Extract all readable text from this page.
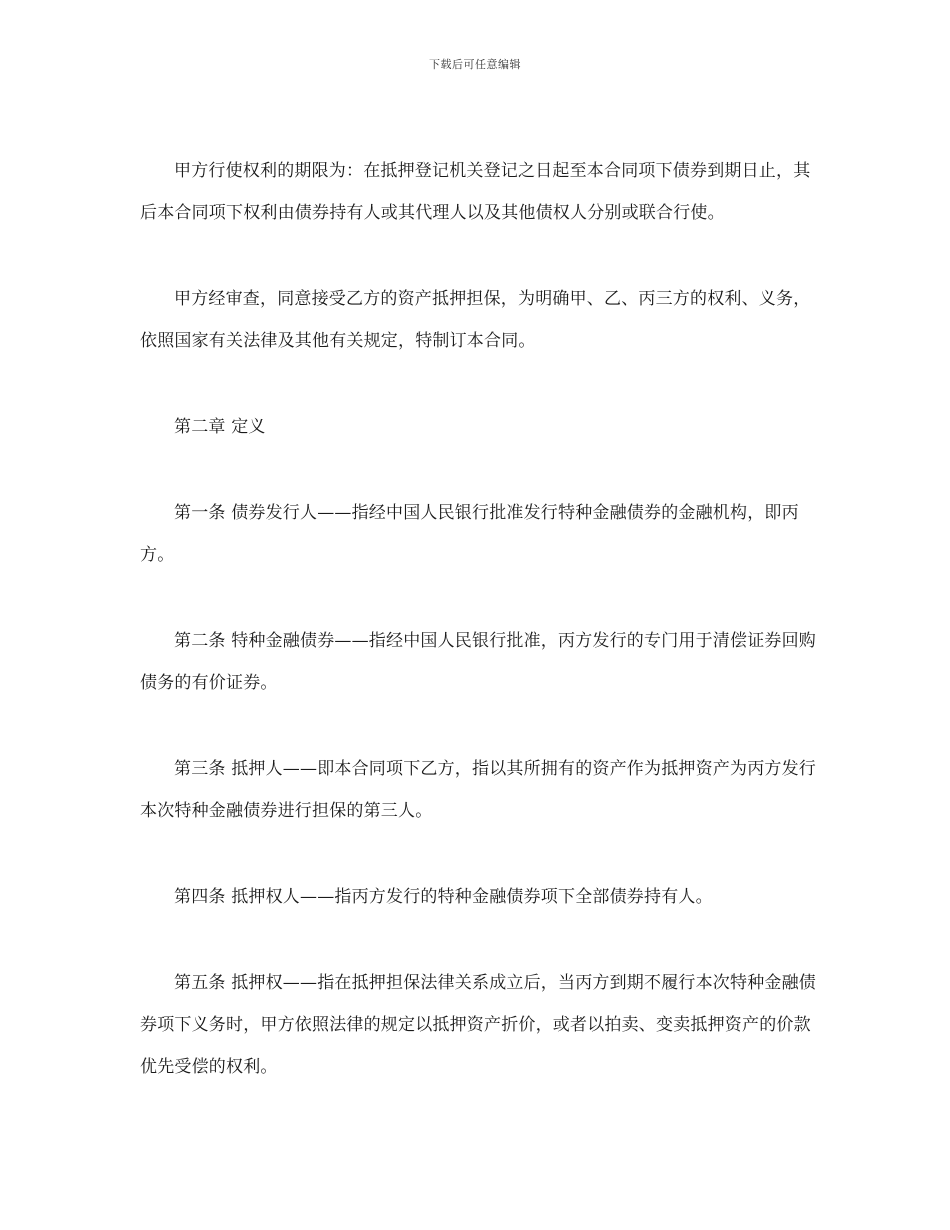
下载后可任意编辑

甲方行使权利的期限为：在抵押登记机关登记之日起至本合同项下债券到期日止，其后本合同项下权利由债券持有人或其代理人以及其他债权人分别或联合行使。

甲方经审查，同意接受乙方的资产抵押担保，为明确甲、乙、丙三方的权利、义务，依照国家有关法律及其他有关规定，特制订本合同。

第二章 定义

第一条 债券发行人——指经中国人民银行批准发行特种金融债券的金融机构，即丙方。

第二条 特种金融债券——指经中国人民银行批准，丙方发行的专门用于清偿证券回购债务的有价证券。

第三条 抵押人——即本合同项下乙方，指以其所拥有的资产作为抵押资产为丙方发行本次特种金融债券进行担保的第三人。

第四条 抵押权人——指丙方发行的特种金融债券项下全部债券持有人。

第五条 抵押权——指在抵押担保法律关系成立后，当丙方到期不履行本次特种金融债券项下义务时，甲方依照法律的规定以抵押资产折价，或者以拍卖、变卖抵押资产的价款优先受偿的权利。
